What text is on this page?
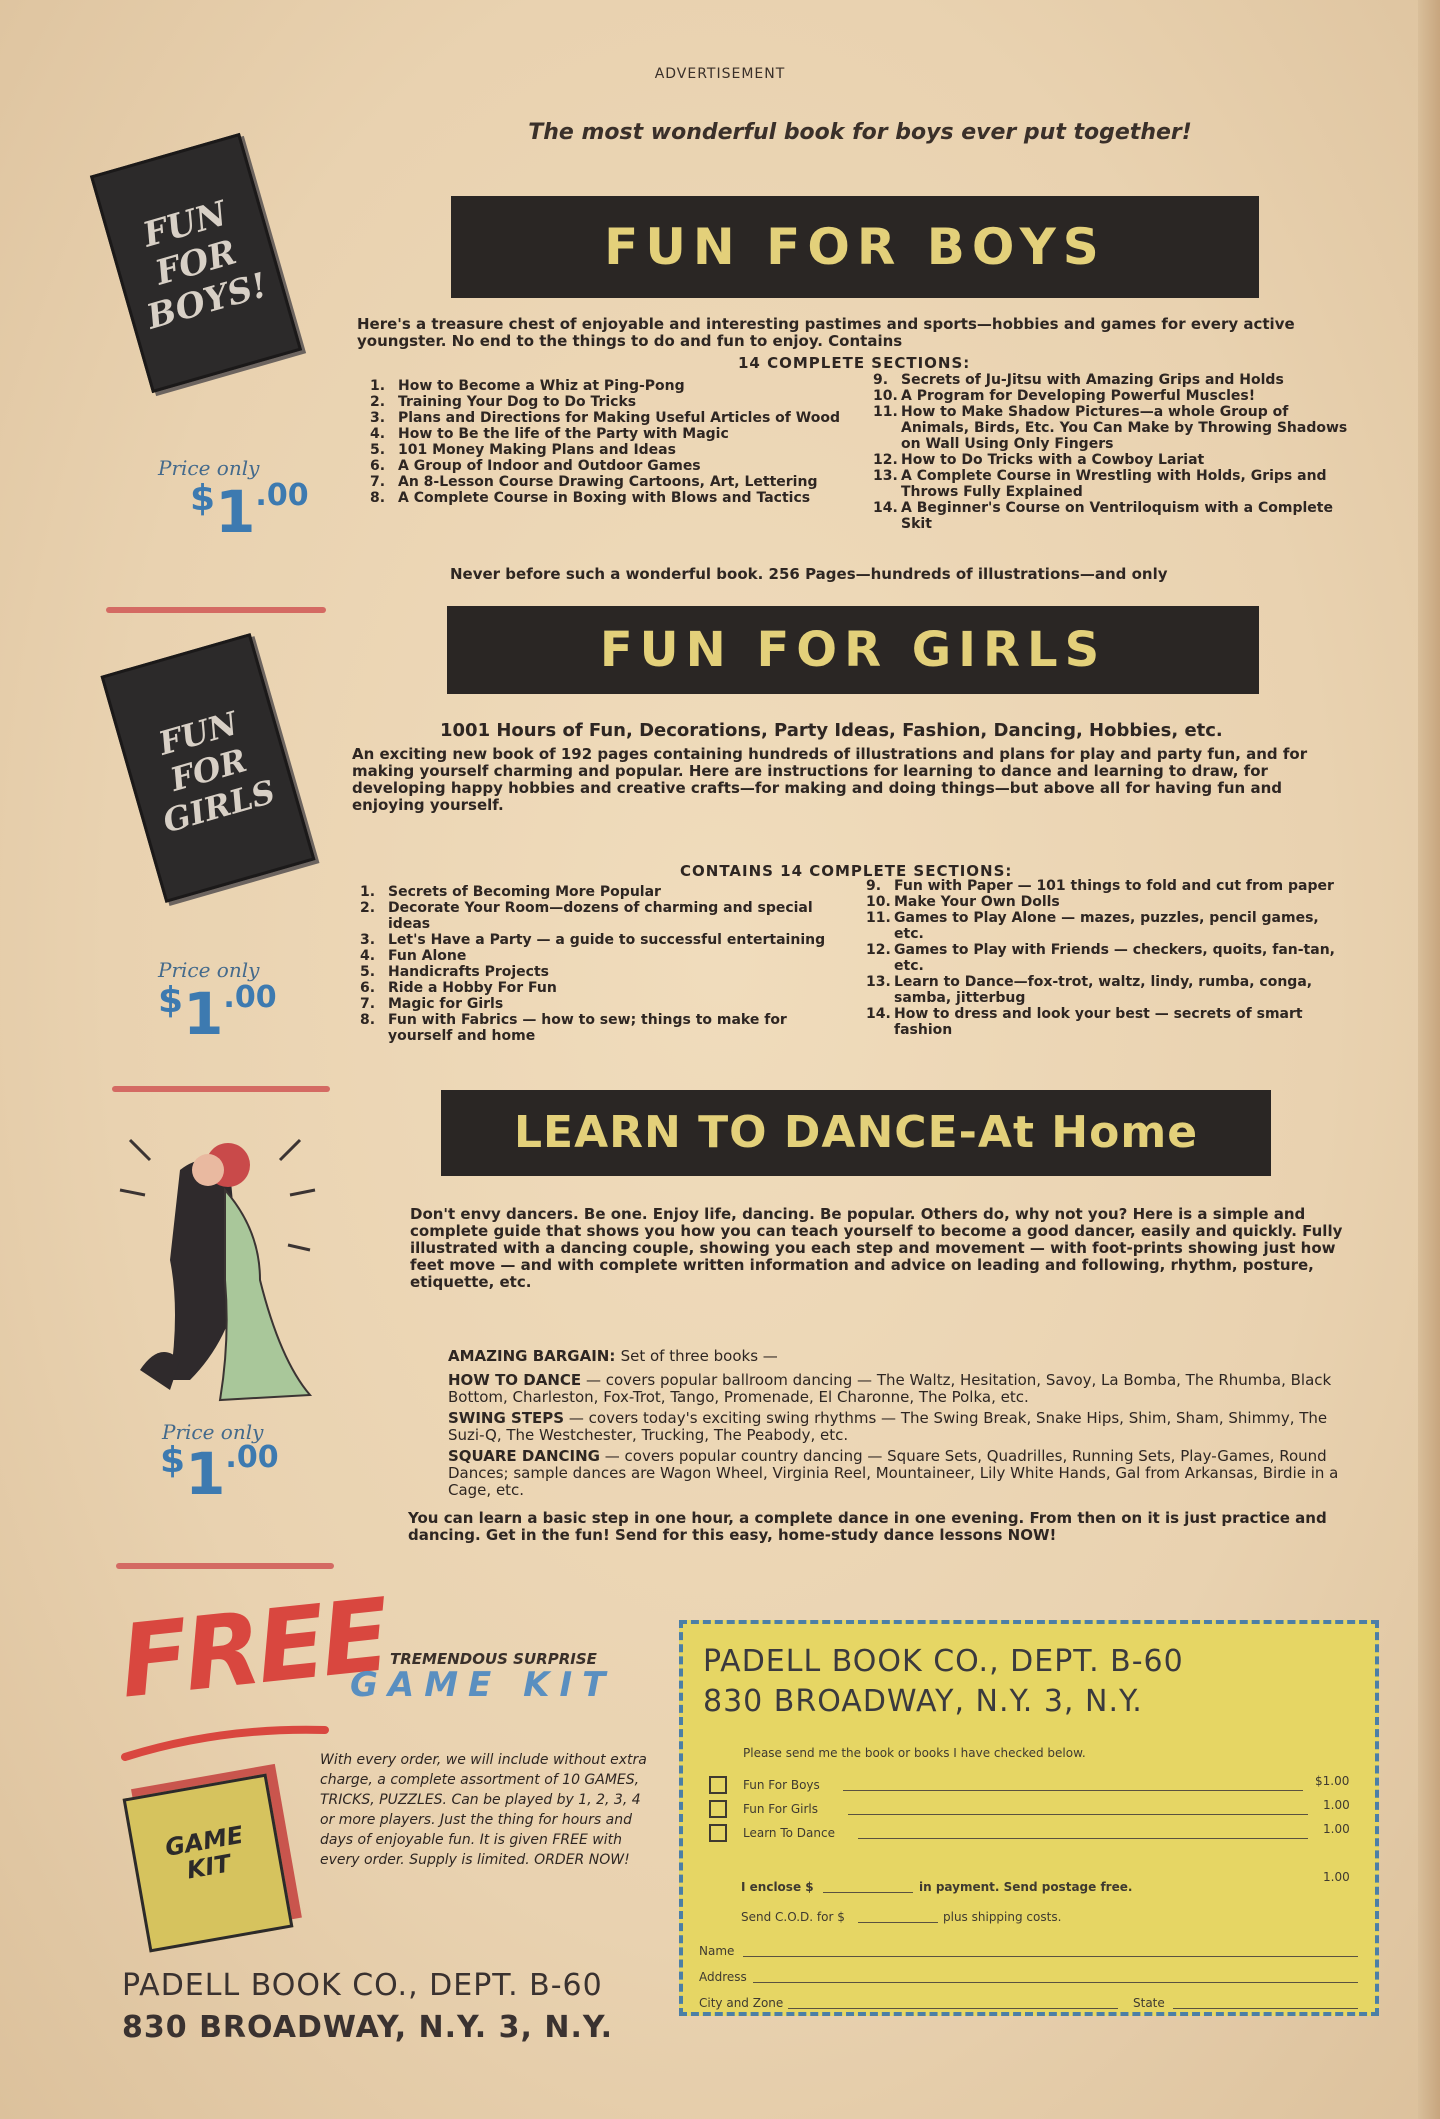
ADVERTISEMENT
The most wonderful book for boys ever put together!
FUN FOR BOYS!
FUN FOR BOYS
Here's a treasure chest of enjoyable and interesting pastimes and sports—hobbies and games for every active youngster. No end to the things to do and fun to enjoy. Contains
14 COMPLETE SECTIONS:
1. How to Become a Whiz at Ping-Pong
2. Training Your Dog to Do Tricks
3. Plans and Directions for Making Useful Articles of Wood
4. How to Be the life of the Party with Magic
5. 101 Money Making Plans and Ideas
6. A Group of Indoor and Outdoor Games
7. An 8-Lesson Course Drawing Cartoons, Art, Lettering
8. A Complete Course in Boxing with Blows and Tactics
9. Secrets of Ju-Jitsu with Amazing Grips and Holds
10. A Program for Developing Powerful Muscles!
11. How to Make Shadow Pictures—a whole Group of Animals, Birds, Etc. You Can Make by Throwing Shadows on Wall Using Only Fingers
12. How to Do Tricks with a Cowboy Lariat
13. A Complete Course in Wrestling with Holds, Grips and Throws Fully Explained
14. A Beginner's Course on Ventriloquism with a Complete Skit
Never before such a wonderful book. 256 Pages—hundreds of illustrations—and only
Price only
$1.00
FUN FOR GIRLS
FUN FOR GIRLS
1001 Hours of Fun, Decorations, Party Ideas, Fashion, Dancing, Hobbies, etc.
An exciting new book of 192 pages containing hundreds of illustrations and plans for play and party fun, and for making yourself charming and popular. Here are instructions for learning to dance and learning to draw, for developing happy hobbies and creative crafts—for making and doing things—but above all for having fun and enjoying yourself.
CONTAINS 14 COMPLETE SECTIONS:
1. Secrets of Becoming More Popular
2. Decorate Your Room—dozens of charming and special ideas
3. Let's Have a Party — a guide to successful entertaining
4. Fun Alone
5. Handicrafts Projects
6. Ride a Hobby For Fun
7. Magic for Girls
8. Fun with Fabrics — how to sew; things to make for yourself and home
9. Fun with Paper — 101 things to fold and cut from paper
10. Make Your Own Dolls
11. Games to Play Alone — mazes, puzzles, pencil games, etc.
12. Games to Play with Friends — checkers, quoits, fan-tan, etc.
13. Learn to Dance—fox-trot, waltz, lindy, rumba, conga, samba, jitterbug
14. How to dress and look your best — secrets of smart fashion
Price only
$1.00
LEARN TO DANCE-At Home
Don't envy dancers. Be one. Enjoy life, dancing. Be popular. Others do, why not you? Here is a simple and complete guide that shows you how you can teach yourself to become a good dancer, easily and quickly. Fully illustrated with a dancing couple, showing you each step and movement — with foot-prints showing just how feet move — and with complete written information and advice on leading and following, rhythm, posture, etiquette, etc.
AMAZING BARGAIN: Set of three books —
HOW TO DANCE — covers popular ballroom dancing — The Waltz, Hesitation, Savoy, La Bomba, The Rhumba, Black Bottom, Charleston, Fox-Trot, Tango, Promenade, El Charonne, The Polka, etc.
SWING STEPS — covers today's exciting swing rhythms — The Swing Break, Snake Hips, Shim, Sham, Shimmy, The Suzi-Q, The Westchester, Trucking, The Peabody, etc.
SQUARE DANCING — covers popular country dancing — Square Sets, Quadrilles, Running Sets, Play-Games, Round Dances; sample dances are Wagon Wheel, Virginia Reel, Mountaineer, Lily White Hands, Gal from Arkansas, Birdie in a Cage, etc.
You can learn a basic step in one hour, a complete dance in one evening. From then on it is just practice and dancing. Get in the fun! Send for this easy, home-study dance lessons NOW!
Price only
$1.00
FREE
TREMENDOUS SURPRISE
GAME KIT
GAME KIT
With every order, we will include without extra charge, a complete assortment of 10 GAMES, TRICKS, PUZZLES. Can be played by 1, 2, 3, 4 or more players. Just the thing for hours and days of enjoyable fun. It is given FREE with every order. Supply is limited. ORDER NOW!
PADELL BOOK CO., DEPT. B-60
830 BROADWAY, N.Y. 3, N.Y.
Please send me the book or books I have checked below.
Fun For Boys	$1.00
Fun For Girls	1.00
Learn To Dance	1.00
1.00
I enclose $	in payment. Send postage free.
Send C.O.D. for $	plus shipping costs.
Name
Address
City and Zone	State
PADELL BOOK CO., DEPT. B-60
830 BROADWAY, N.Y. 3, N.Y.
